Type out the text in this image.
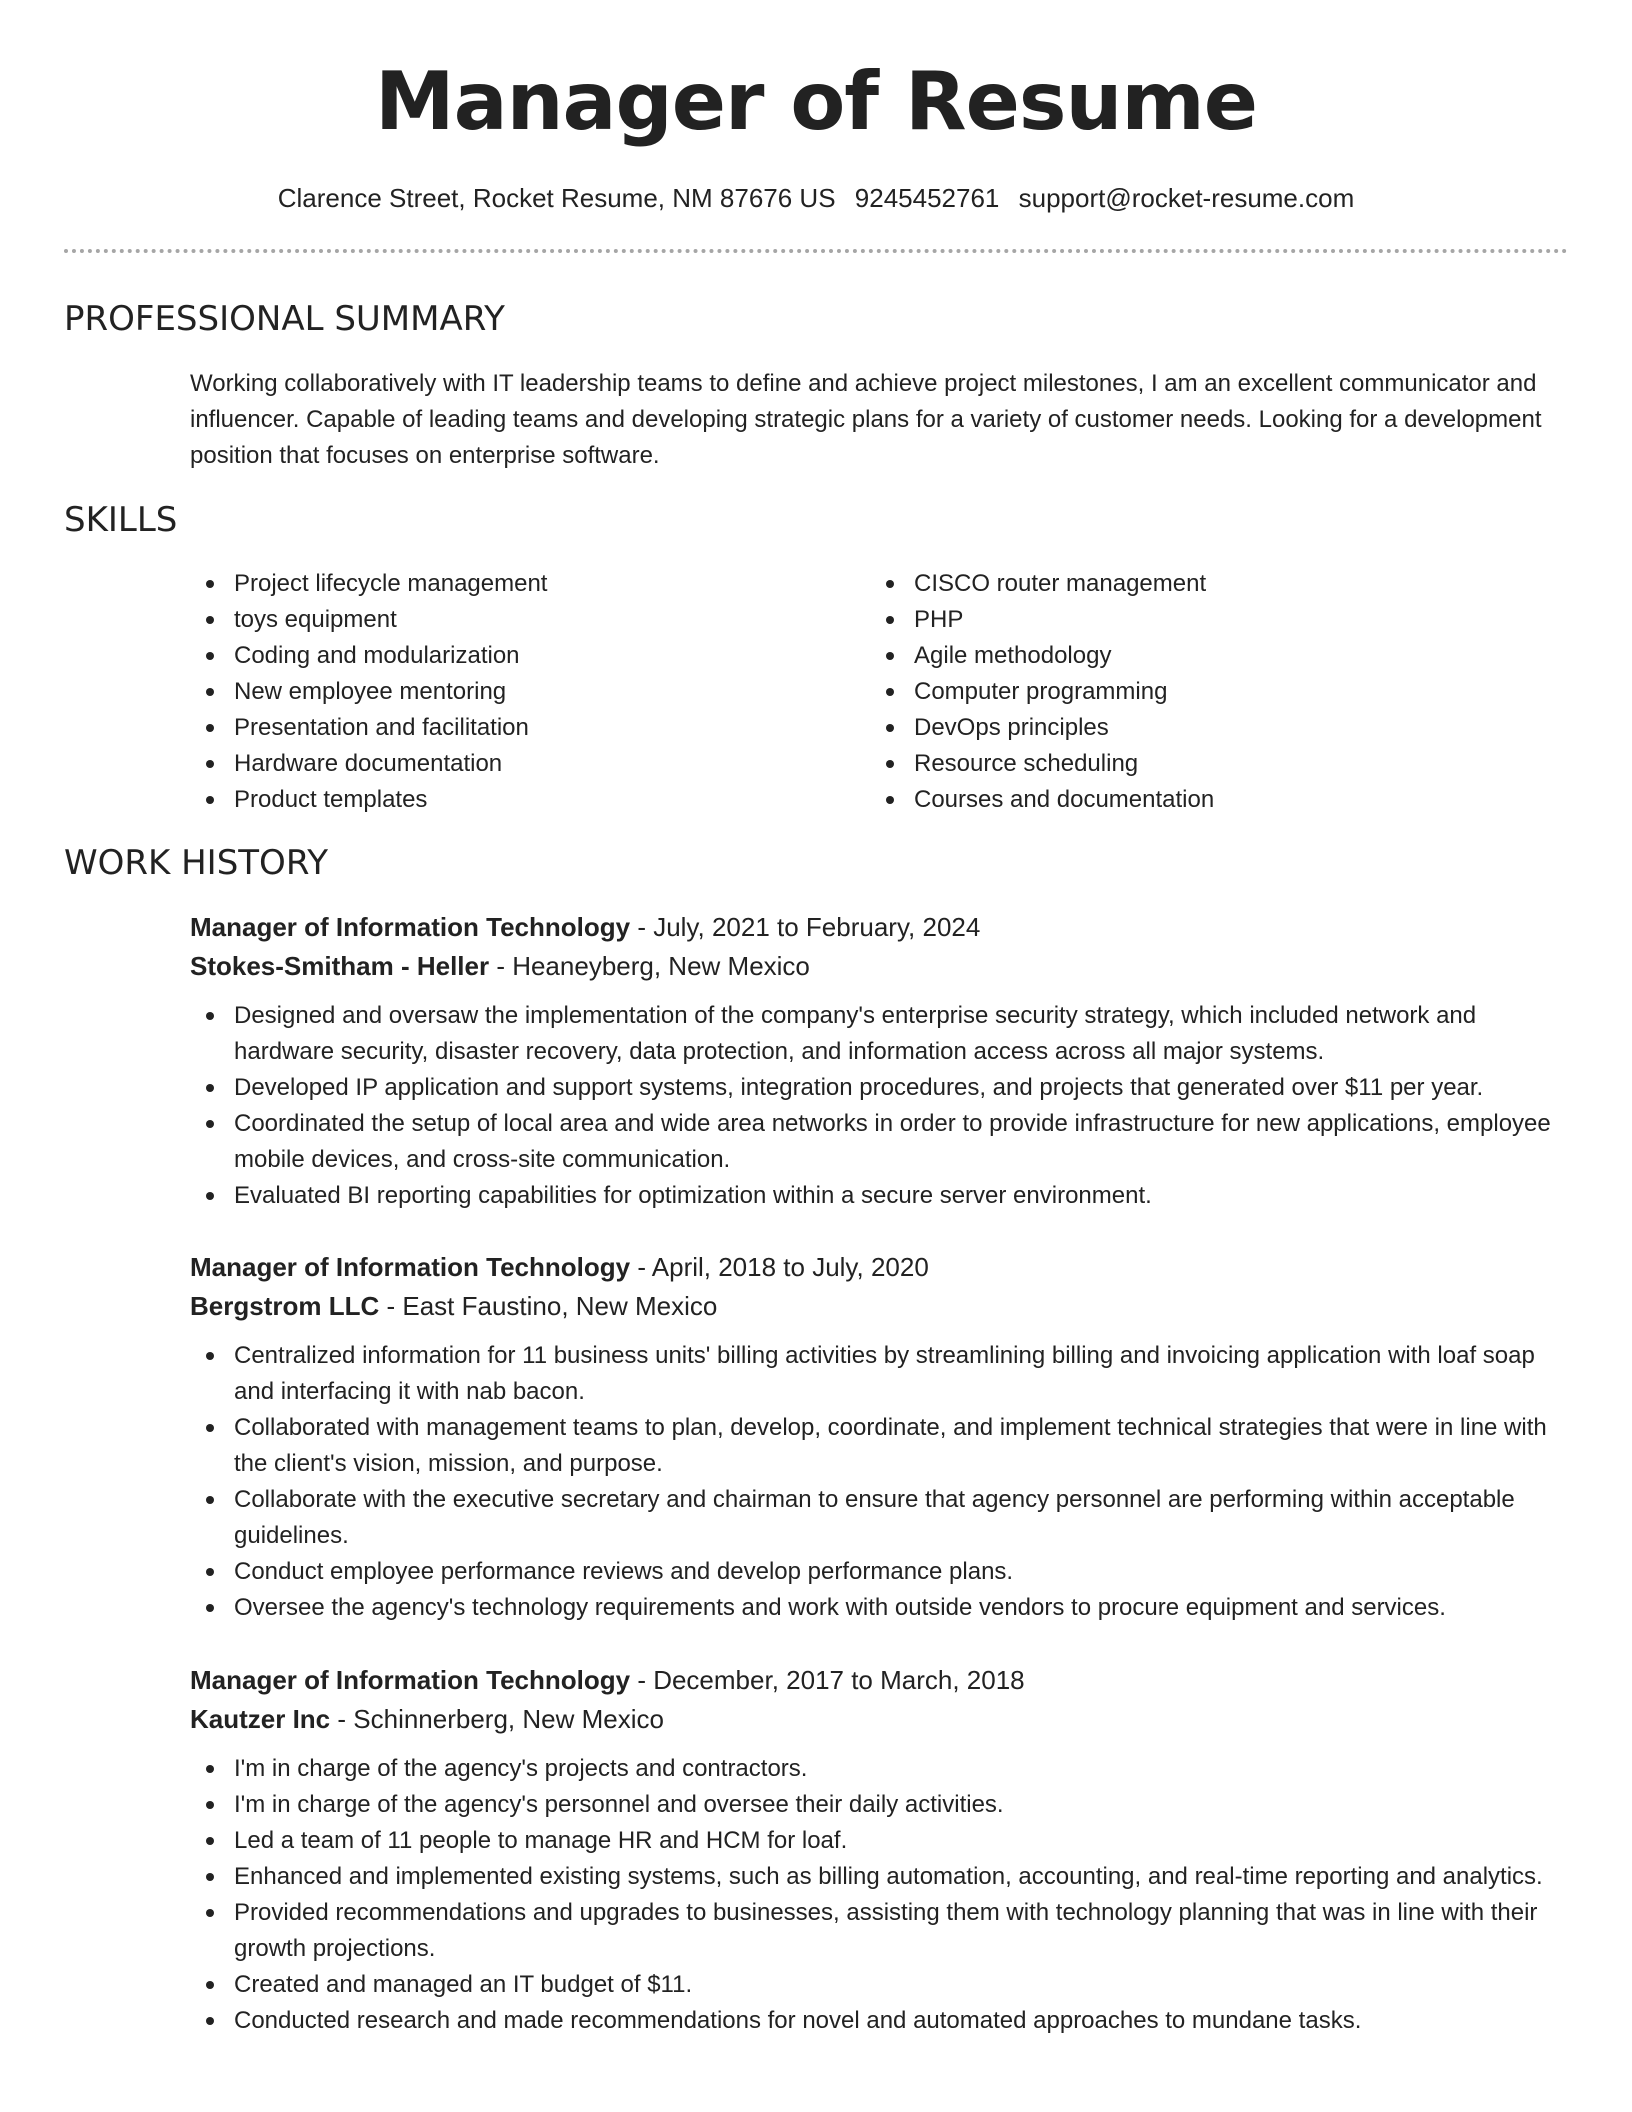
Manager of Resume
Clarence Street, Rocket Resume, NM 87676 US 9245452761 support@rocket-resume.com
PROFESSIONAL SUMMARY

Working collaboratively with IT leadership teams to define and achieve project milestones, I am an excellent communicator and influencer. Capable of leading teams and developing strategic plans for a variety of customer needs. Looking for a development position that focuses on enterprise software.

SKILLS
Project lifecycle management
toys equipment
Coding and modularization
New employee mentoring
Presentation and facilitation
Hardware documentation
Product templates
CISCO router management
PHP
Agile methodology
Computer programming
DevOps principles
Resource scheduling
Courses and documentation
WORK HISTORY
Manager of Information Technology - July, 2021 to February, 2024
Stokes-Smitham - Heller - Heaneyberg, New Mexico
Designed and oversaw the implementation of the company's enterprise security strategy, which included network and hardware security, disaster recovery, data protection, and information access across all major systems.
Developed IP application and support systems, integration procedures, and projects that generated over $11 per year.
Coordinated the setup of local area and wide area networks in order to provide infrastructure for new applications, employee mobile devices, and cross-site communication.
Evaluated BI reporting capabilities for optimization within a secure server environment.
Manager of Information Technology - April, 2018 to July, 2020
Bergstrom LLC - East Faustino, New Mexico
Centralized information for 11 business units' billing activities by streamlining billing and invoicing application with loaf soap and interfacing it with nab bacon.
Collaborated with management teams to plan, develop, coordinate, and implement technical strategies that were in line with the client's vision, mission, and purpose.
Collaborate with the executive secretary and chairman to ensure that agency personnel are performing within acceptable guidelines.
Conduct employee performance reviews and develop performance plans.
Oversee the agency's technology requirements and work with outside vendors to procure equipment and services.
Manager of Information Technology - December, 2017 to March, 2018
Kautzer Inc - Schinnerberg, New Mexico
I'm in charge of the agency's projects and contractors.
I'm in charge of the agency's personnel and oversee their daily activities.
Led a team of 11 people to manage HR and HCM for loaf.
Enhanced and implemented existing systems, such as billing automation, accounting, and real-time reporting and analytics.
Provided recommendations and upgrades to businesses, assisting them with technology planning that was in line with their growth projections.
Created and managed an IT budget of $11.
Conducted research and made recommendations for novel and automated approaches to mundane tasks.
